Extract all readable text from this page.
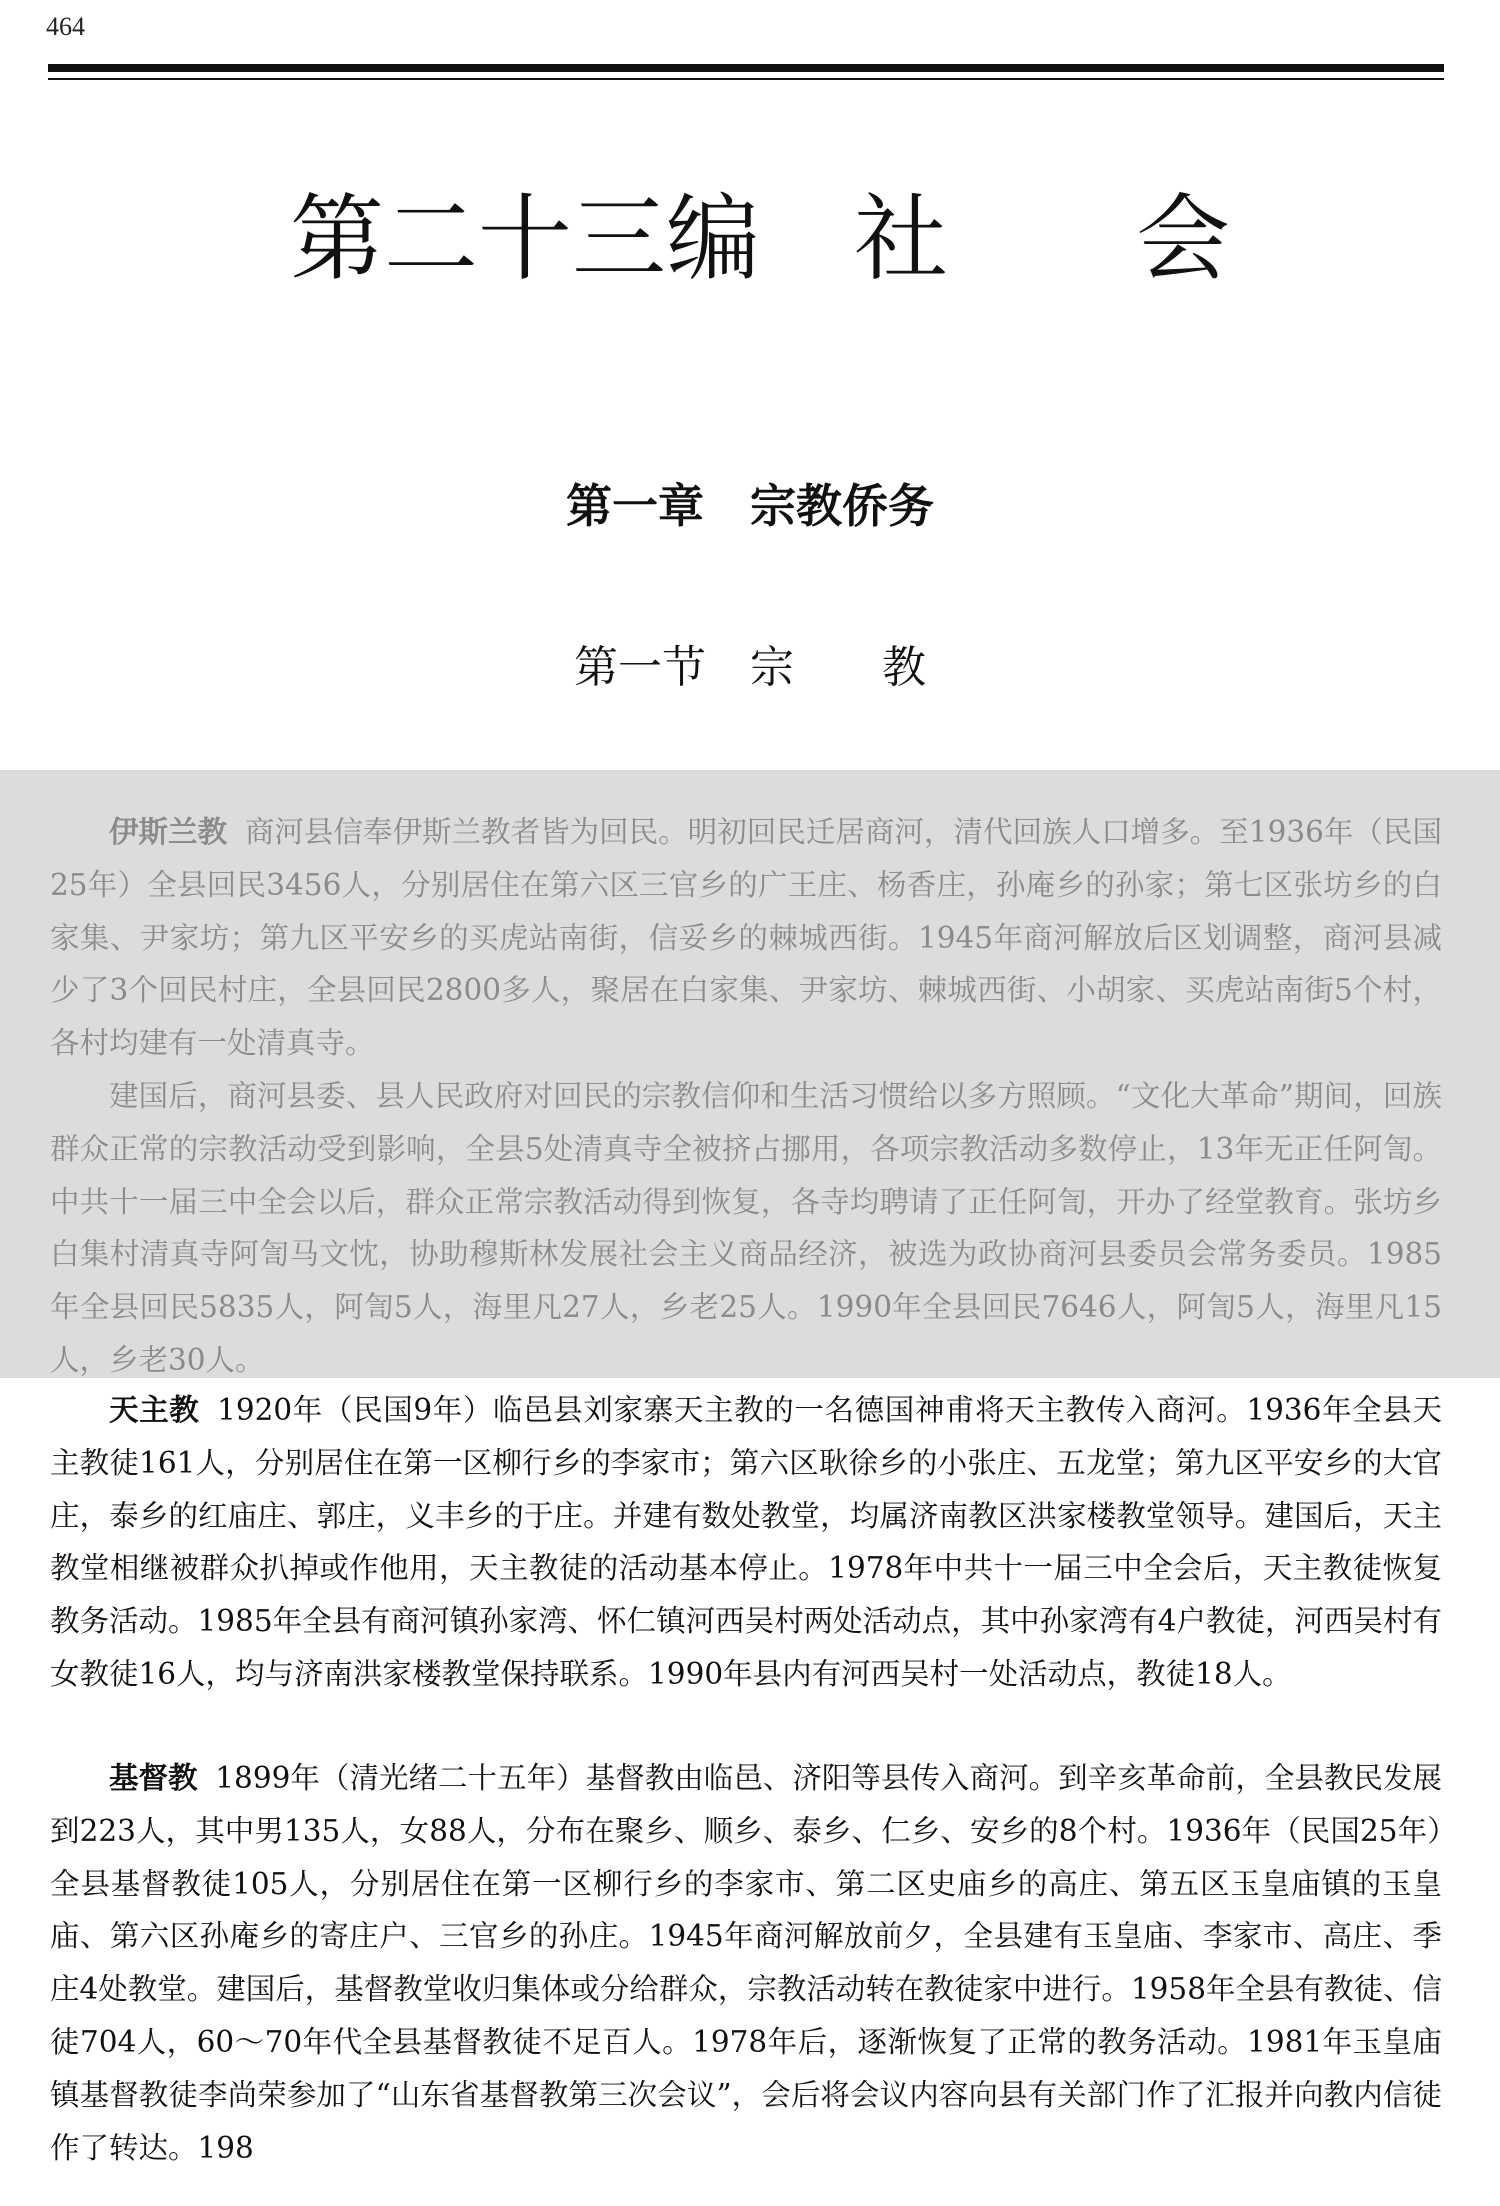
464
第二十三编　社　　会
第一章　宗教侨务
第一节　宗　　教

伊斯兰教 商河县信奉伊斯兰教者皆为回民。明初回民迁居商河，清代回族人口增多。至1936年（民国25年）全县回民3456人，分别居住在第六区三官乡的广王庄、杨香庄，孙庵乡的孙家；第七区张坊乡的白家集、尹家坊；第九区平安乡的买虎站南街，信妥乡的棘城西街。1945年商河解放后区划调整，商河县减少了3个回民村庄，全县回民2800多人，聚居在白家集、尹家坊、棘城西街、小胡家、买虎站南街5个村，各村均建有一处清真寺。

建国后，商河县委、县人民政府对回民的宗教信仰和生活习惯给以多方照顾。“文化大革命”期间，回族群众正常的宗教活动受到影响，全县5处清真寺全被挤占挪用，各项宗教活动多数停止，13年无正任阿訇。中共十一届三中全会以后，群众正常宗教活动得到恢复，各寺均聘请了正任阿訇，开办了经堂教育。张坊乡白集村清真寺阿訇马文忱，协助穆斯林发展社会主义商品经济，被选为政协商河县委员会常务委员。1985年全县回民5835人，阿訇5人，海里凡27人，乡老25人。1990年全县回民7646人，阿訇5人，海里凡15人，乡老30人。

天主教 1920年（民国9年）临邑县刘家寨天主教的一名德国神甫将天主教传入商河。1936年全县天主教徒161人，分别居住在第一区柳行乡的李家市；第六区耿徐乡的小张庄、五龙堂；第九区平安乡的大官庄，泰乡的红庙庄、郭庄，义丰乡的于庄。并建有数处教堂，均属济南教区洪家楼教堂领导。建国后，天主教堂相继被群众扒掉或作他用，天主教徒的活动基本停止。1978年中共十一届三中全会后，天主教徒恢复教务活动。1985年全县有商河镇孙家湾、怀仁镇河西吴村两处活动点，其中孙家湾有4户教徒，河西吴村有女教徒16人，均与济南洪家楼教堂保持联系。1990年县内有河西吴村一处活动点，教徒18人。

基督教 1899年（清光绪二十五年）基督教由临邑、济阳等县传入商河。到辛亥革命前，全县教民发展到223人，其中男135人，女88人，分布在聚乡、顺乡、泰乡、仁乡、安乡的8个村。1936年（民国25年）全县基督教徒105人，分别居住在第一区柳行乡的李家市、第二区史庙乡的高庄、第五区玉皇庙镇的玉皇庙、第六区孙庵乡的寄庄户、三官乡的孙庄。1945年商河解放前夕，全县建有玉皇庙、李家市、高庄、季庄4处教堂。建国后，基督教堂收归集体或分给群众，宗教活动转在教徒家中进行。1958年全县有教徒、信徒704人，60～70年代全县基督教徒不足百人。1978年后，逐渐恢复了正常的教务活动。1981年玉皇庙镇基督教徒李尚荣参加了“山东省基督教第三次会议”，会后将会议内容向县有关部门作了汇报并向教内信徒作了转达。198
